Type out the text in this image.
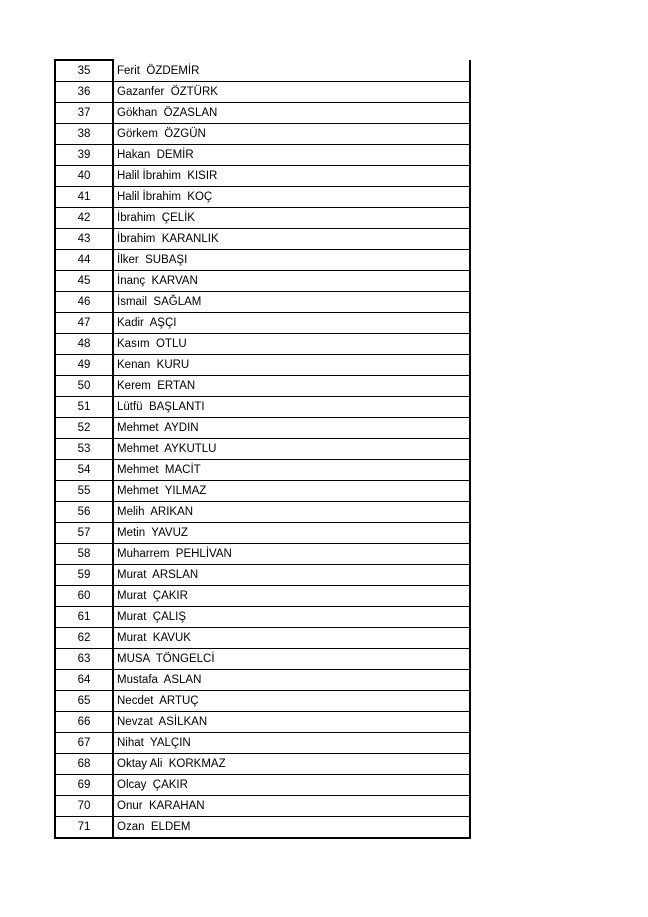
35	Ferit  ÖZDEMİR
36	Gazanfer  ÖZTÜRK
37	Gökhan  ÖZASLAN
38	Görkem  ÖZGÜN
39	Hakan  DEMİR
40	Halil İbrahim  KISIR
41	Halil İbrahim  KOÇ
42	İbrahim  ÇELİK
43	İbrahim  KARANLIK
44	İlker  SUBAŞI
45	İnanç  KARVAN
46	İsmail  SAĞLAM
47	Kadir  AŞÇI
48	Kasım  OTLU
49	Kenan  KURU
50	Kerem  ERTAN
51	Lütfü  BAŞLANTI
52	Mehmet  AYDIN
53	Mehmet  AYKUTLU
54	Mehmet  MACİT
55	Mehmet  YILMAZ
56	Melih  ARIKAN
57	Metin  YAVUZ
58	Muharrem  PEHLİVAN
59	Murat  ARSLAN
60	Murat  ÇAKIR
61	Murat  ÇALIŞ
62	Murat  KAVUK
63	MUSA  TÖNGELCİ
64	Mustafa  ASLAN
65	Necdet  ARTUÇ
66	Nevzat  ASİLKAN
67	Nihat  YALÇIN
68	Oktay Ali  KORKMAZ
69	Olcay  ÇAKIR
70	Onur  KARAHAN
71	Ozan  ELDEM
